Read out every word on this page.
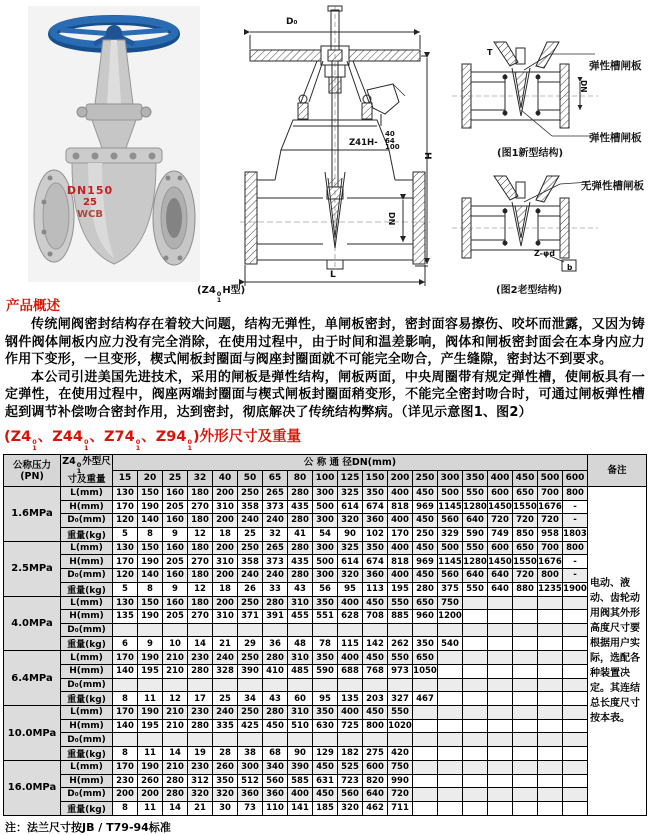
DN150
25
WCB
D₀
Z41H-
40
64
100
H
DN
L
(Z4 0
1
H型)
T
DN
弹性槽闸板
弹性槽闸板
(图1新型结构)
无弹性槽闸板
Z-φd
b
(图2老型结构)
产品概述

传统闸阀密封结构存在着较大问题，结构无弹性，单闸板密封，密封面容易擦伤、咬坏而泄露，又因为铸钢件阀体闸板内应力没有完全消除，在使用过程中，由于时间和温差影响，阀体和闸板密封面会在本身内应力作用下变形，一旦变形，楔式闸板封圈面与阀座封圈面就不可能完全吻合，产生缝隙，密封达不到要求。

本公司引进美国先进技术，采用的闸板是弹性结构，闸板两面，中央周圈带有规定弹性槽，使闸板具有一定弹性，在使用过程中，阀座两端封圈面与楔式闸板封圈面稍变形，不能完全密封吻合时，可通过闸板弹性槽起到调节补偿吻合密封作用，达到密封，彻底解决了传统结构弊病。（详见示意图1、图2）

(Z4 0
1
、Z44 0
1
、Z74 0
1
、Z94 0
1
)外形尺寸及重量
公称压力
(PN)	Z4 0
1
外型尺寸及重量	公 称 通 径DN(mm)																			备注
		15	20	25	32	40	50	65	80	100	125	150	200	250	300	350	400	450	500	600	
1.6MPa	L(mm)	130	150	160	180	200	250	265	280	300	325	350	400	450	500	550	600	650	700	800	电动、液动、齿轮动用阀其外形高度尺寸要根据用户实际，选配各种装置决定。其连结总长度尺寸按本表。
	H(mm)	170	190	205	270	310	358	373	435	500	614	674	818	969	1145	1280	1450	1550	1676	-	
	D₀(mm)	120	140	160	180	200	240	240	280	300	320	360	400	450	560	640	720	720	720	-	
	重量(kg)	5	8	9	12	18	25	32	41	54	90	102	170	250	329	590	749	850	958	1803	
2.5MPa	L(mm)	130	150	160	180	200	250	265	280	300	325	350	400	450	500	550	600	650	700	800	
	H(mm)	170	190	205	270	310	358	373	435	500	614	674	818	969	1145	1280	1450	1550	1676	-	
	D₀(mm)	120	140	160	180	200	240	240	280	300	320	360	400	450	560	640	640	720	800	-	
	重量(kg)	5	8	9	12	18	26	33	43	56	95	113	195	280	375	550	640	880	1235	1900	
4.0MPa	L(mm)	130	150	160	180	200	250	280	310	350	400	450	550	650	750						
	H(mm)	135	190	205	270	310	371	391	455	551	628	708	885	960	1200						
	D₀(mm)																				
	重量(kg)	6	9	10	14	21	29	36	48	78	115	142	262	350	540						
6.4MPa	L(mm)	170	190	210	230	240	250	280	310	350	400	450	550	650							
	H(mm)	140	195	210	280	328	390	410	485	590	688	768	973	1050							
	D₀(mm)																				
	重量(kg)	8	11	12	17	25	34	43	60	95	135	203	327	467							
10.0MPa	L(mm)	170	190	210	230	240	250	280	310	350	400	450	550								
	H(mm)	140	195	210	280	335	425	450	510	630	725	800	1020								
	D₀(mm)																				
	重量(kg)	8	11	14	19	28	38	68	90	129	182	275	420								
16.0MPa	L(mm)	170	190	210	230	260	300	340	390	450	525	600	750								
	H(mm)	230	260	280	312	350	512	560	585	631	723	820	990								
	D₀(mm)	200	200	280	320	320	360	360	400	450	560	640	720								
	重量(kg)	8	11	14	21	30	73	110	141	185	320	462	711								
注：法兰尺寸按JB / T79-94标准
